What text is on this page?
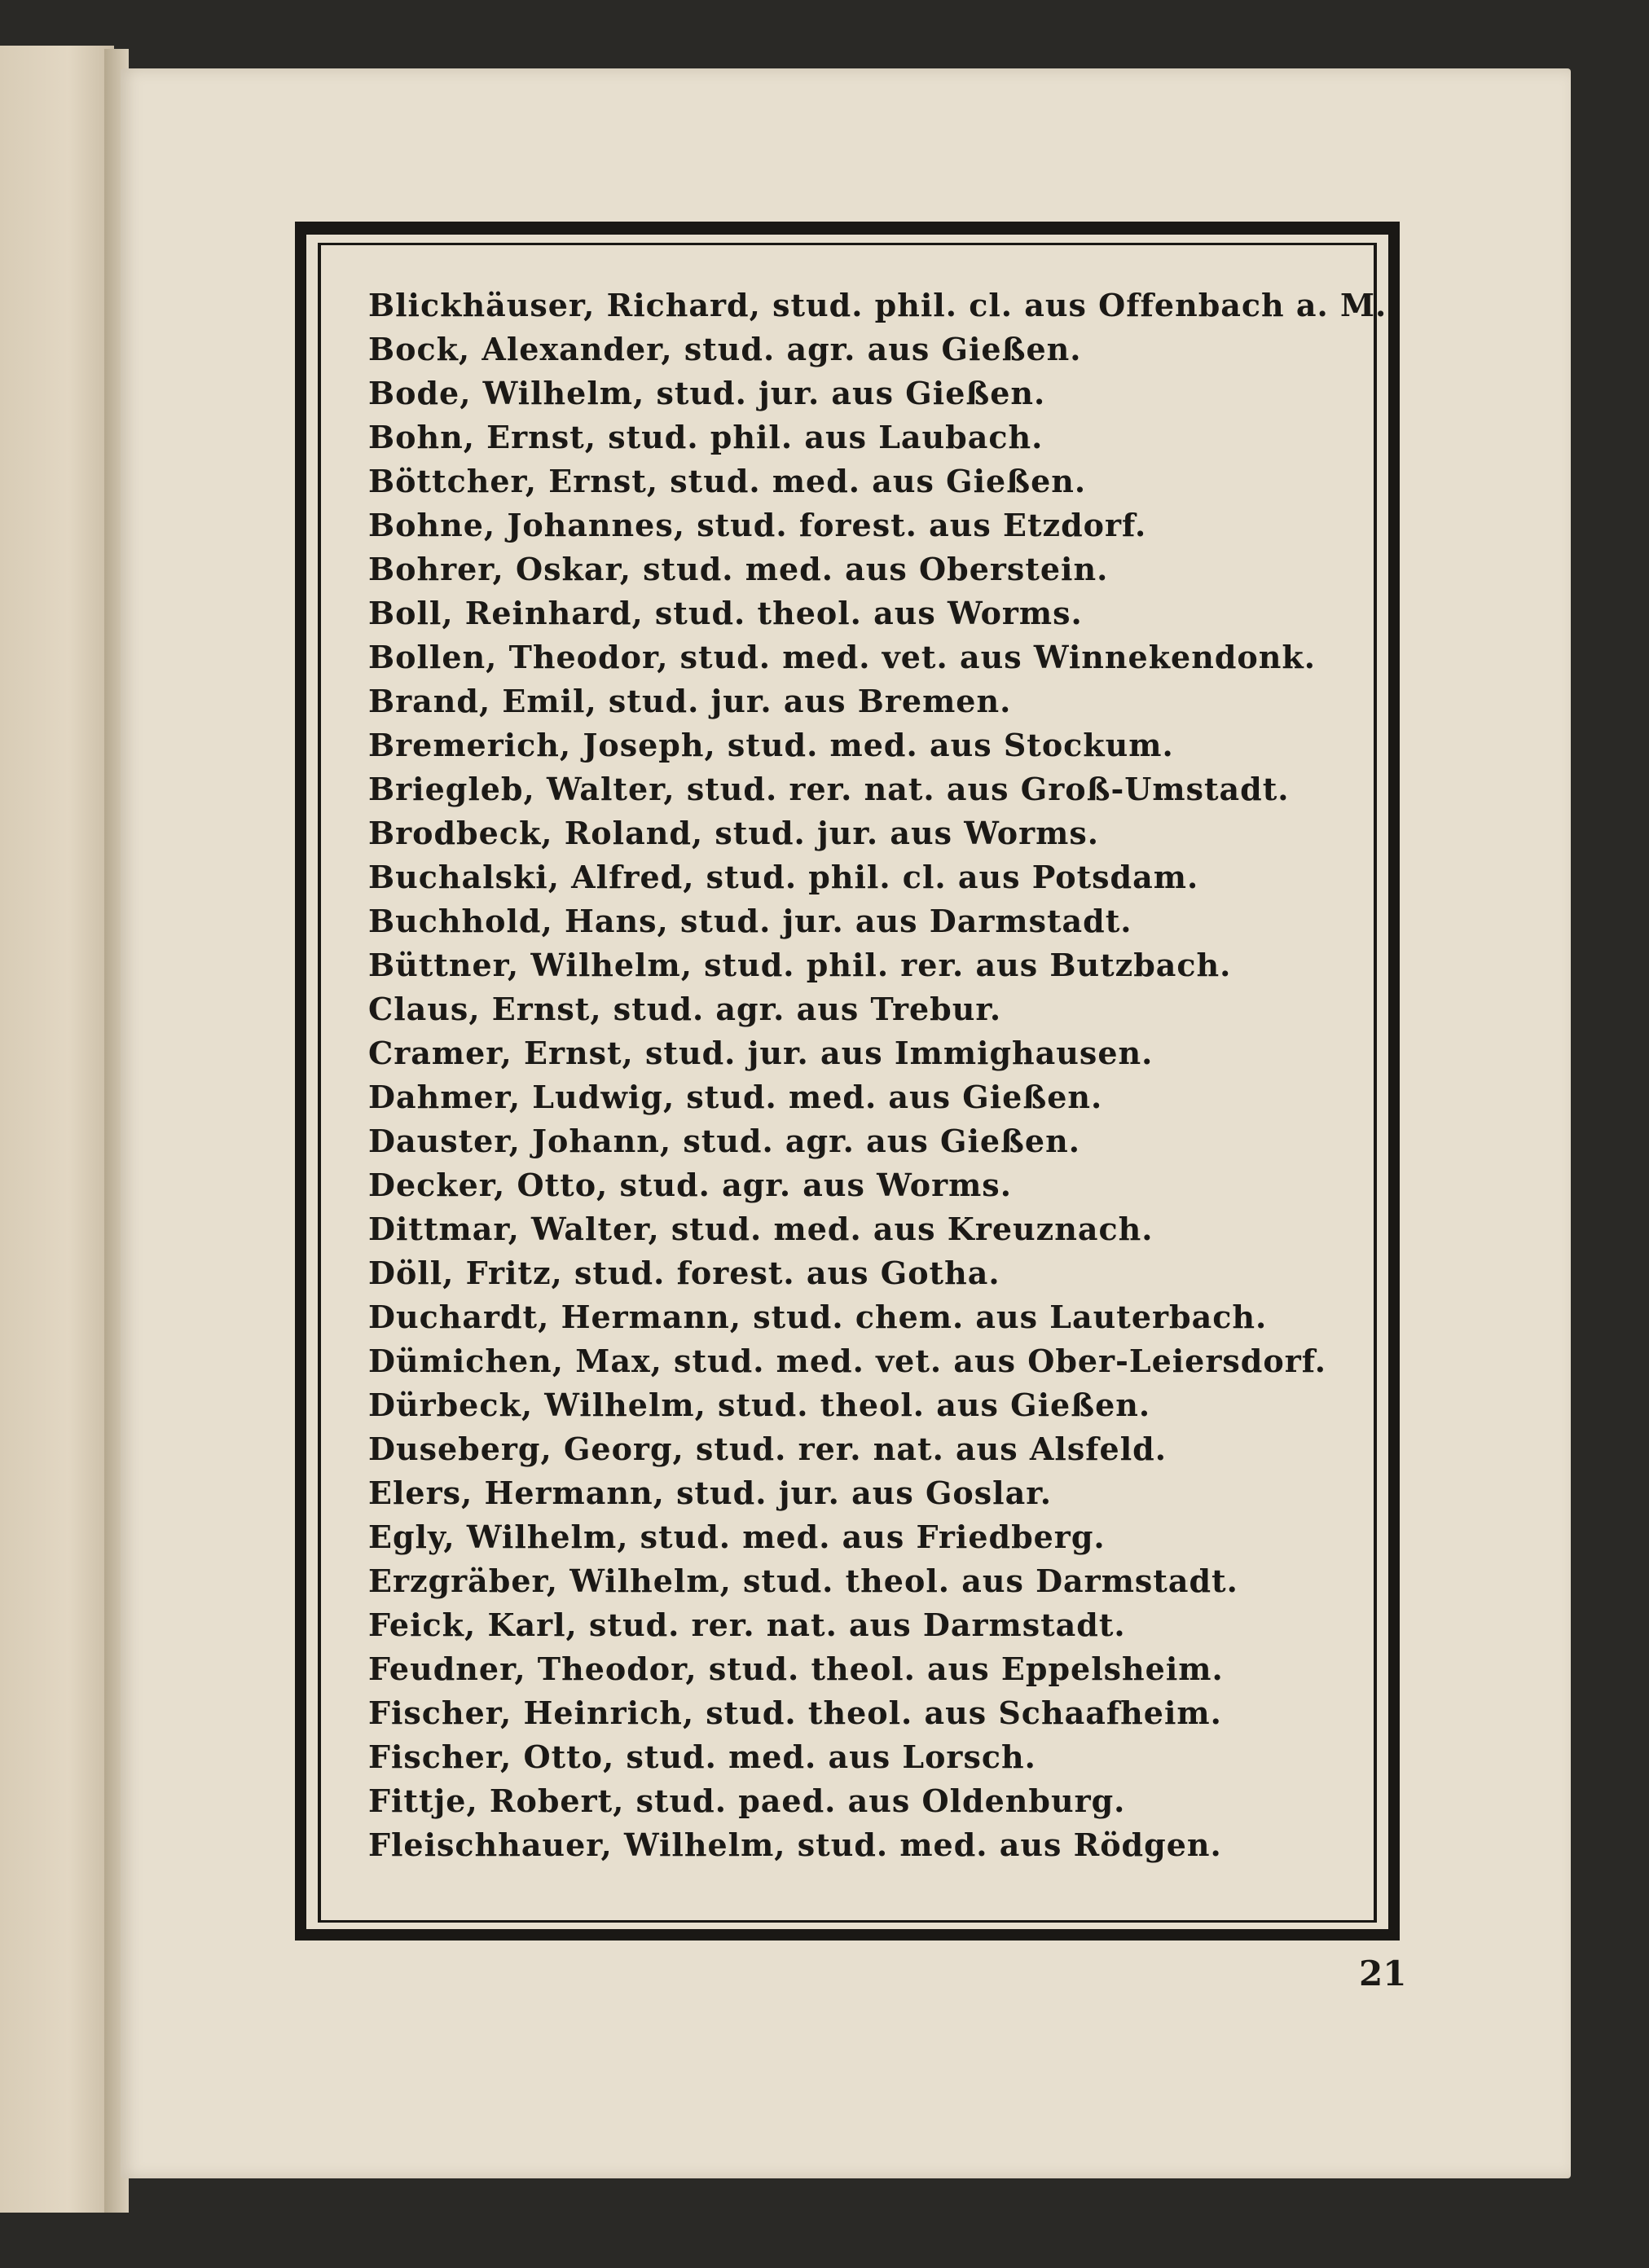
Blickhäuser, Richard, stud. phil. cl. aus Offenbach a. M.
Bock, Alexander, stud. agr. aus Gießen.
Bode, Wilhelm, stud. jur. aus Gießen.
Bohn, Ernst, stud. phil. aus Laubach.
Böttcher, Ernst, stud. med. aus Gießen.
Bohne, Johannes, stud. forest. aus Etzdorf.
Bohrer, Oskar, stud. med. aus Oberstein.
Boll, Reinhard, stud. theol. aus Worms.
Bollen, Theodor, stud. med. vet. aus Winnekendonk.
Brand, Emil, stud. jur. aus Bremen.
Bremerich, Joseph, stud. med. aus Stockum.
Briegleb, Walter, stud. rer. nat. aus Groß-Umstadt.
Brodbeck, Roland, stud. jur. aus Worms.
Buchalski, Alfred, stud. phil. cl. aus Potsdam.
Buchhold, Hans, stud. jur. aus Darmstadt.
Büttner, Wilhelm, stud. phil. rer. aus Butzbach.
Claus, Ernst, stud. agr. aus Trebur.
Cramer, Ernst, stud. jur. aus Immighausen.
Dahmer, Ludwig, stud. med. aus Gießen.
Dauster, Johann, stud. agr. aus Gießen.
Decker, Otto, stud. agr. aus Worms.
Dittmar, Walter, stud. med. aus Kreuznach.
Döll, Fritz, stud. forest. aus Gotha.
Duchardt, Hermann, stud. chem. aus Lauterbach.
Dümichen, Max, stud. med. vet. aus Ober-Leiersdorf.
Dürbeck, Wilhelm, stud. theol. aus Gießen.
Duseberg, Georg, stud. rer. nat. aus Alsfeld.
Elers, Hermann, stud. jur. aus Goslar.
Egly, Wilhelm, stud. med. aus Friedberg.
Erzgräber, Wilhelm, stud. theol. aus Darmstadt.
Feick, Karl, stud. rer. nat. aus Darmstadt.
Feudner, Theodor, stud. theol. aus Eppelsheim.
Fischer, Heinrich, stud. theol. aus Schaafheim.
Fischer, Otto, stud. med. aus Lorsch.
Fittje, Robert, stud. paed. aus Oldenburg.
Fleischhauer, Wilhelm, stud. med. aus Rödgen.
21
